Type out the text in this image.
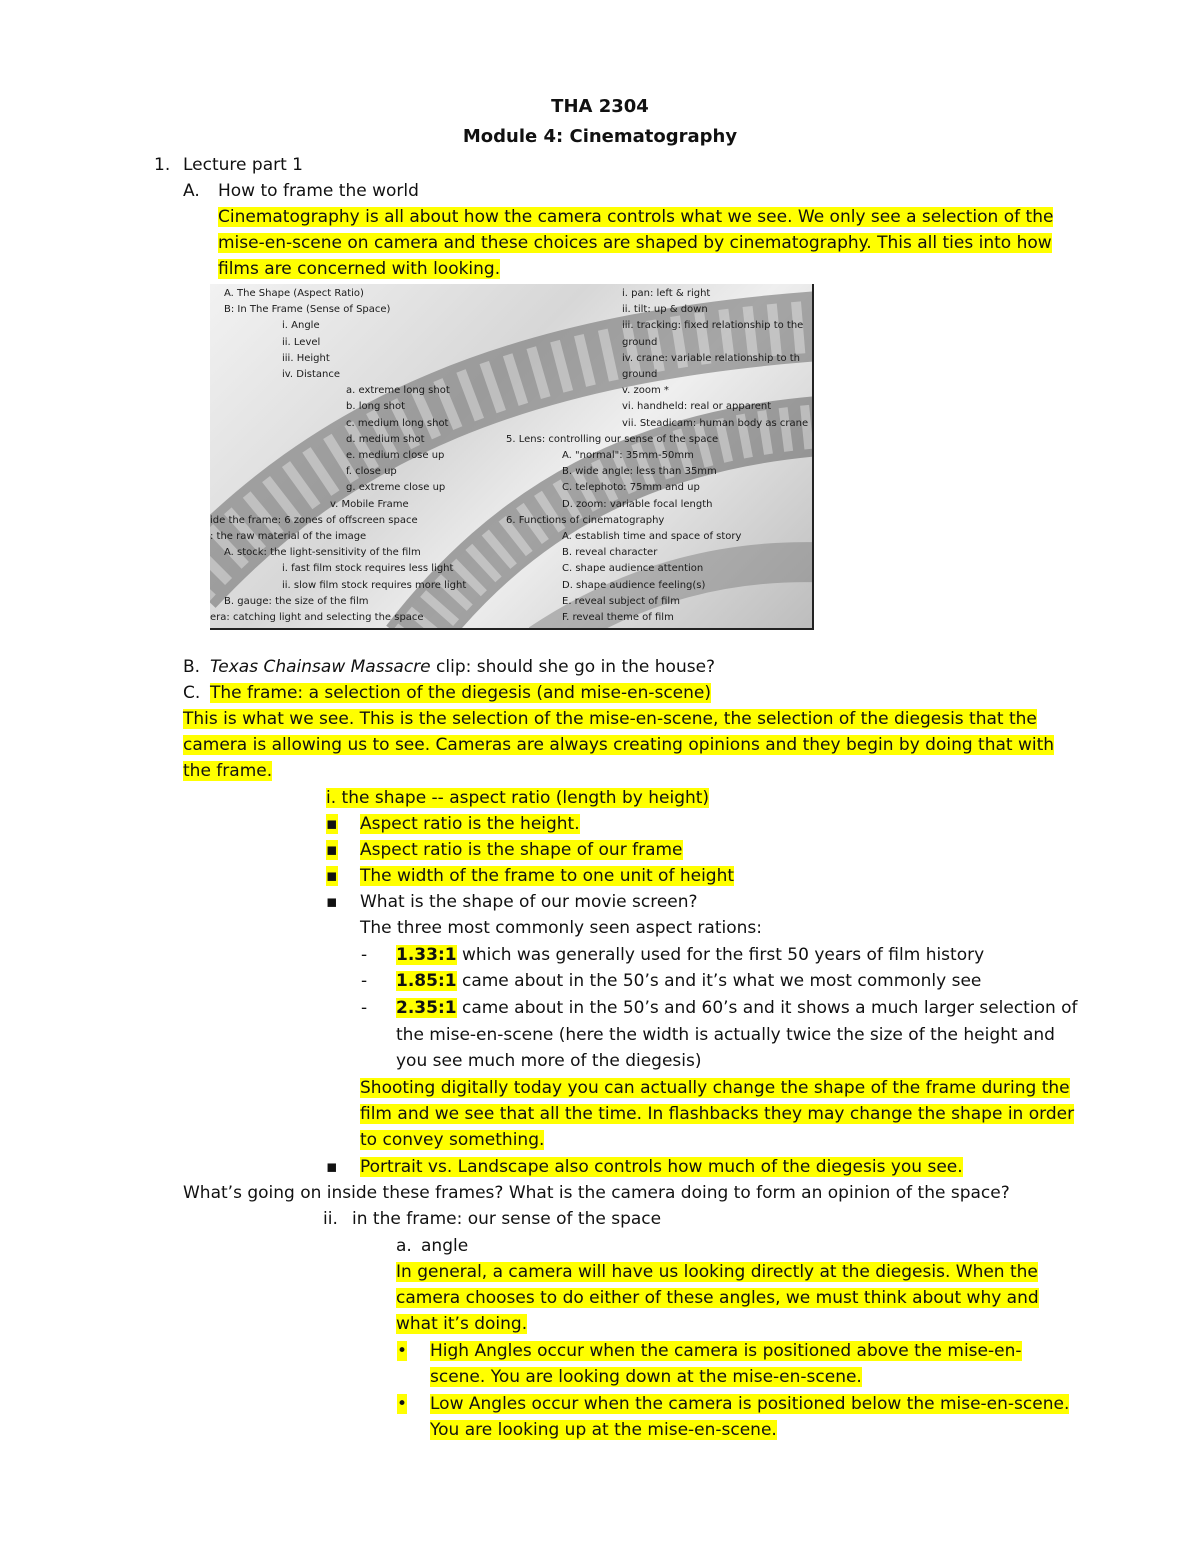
THA 2304
Module 4: Cinematography
1. Lecture part 1
A. How to frame the world
Cinematography is all about how the camera controls what we see. We only see a selection of the
mise-en-scene on camera and these choices are shaped by cinematography. This all ties into how
films are concerned with looking.
A. The Shape (Aspect Ratio)
B: In The Frame (Sense of Space)
i. Angle
ii. Level
iii. Height
iv. Distance
a. extreme long shot
b. long shot
c. medium long shot
d. medium shot
e. medium close up
f. close up
g. extreme close up
v. Mobile Frame
ide the frame: 6 zones of offscreen space
: the raw material of the image
A. stock: the light-sensitivity of the film
i. fast film stock requires less light
ii. slow film stock requires more light
B. gauge: the size of the film
era: catching light and selecting the space
i. pan: left & right
ii. tilt: up & down
iii. tracking: fixed relationship to the
ground
iv. crane: variable relationship to th
ground
v. zoom *
vi. handheld: real or apparent
vii. Steadicam: human body as crane
5. Lens: controlling our sense of the space
A. "normal": 35mm-50mm
B. wide angle: less than 35mm
C. telephoto: 75mm and up
D. zoom: variable focal length
6. Functions of cinematography
A. establish time and space of story
B. reveal character
C. shape audience attention
D. shape audience feeling(s)
E. reveal subject of film
F. reveal theme of film
B. Texas Chainsaw Massacre clip: should she go in the house?
C. The frame: a selection of the diegesis (and mise-en-scene)
This is what we see. This is the selection of the mise-en-scene, the selection of the diegesis that the
camera is allowing us to see. Cameras are always creating opinions and they begin by doing that with
the frame.
i. the shape -- aspect ratio (length by height)
▪ Aspect ratio is the height.
▪ Aspect ratio is the shape of our frame
▪ The width of the frame to one unit of height
▪ What is the shape of our movie screen?
The three most commonly seen aspect rations:
- 1.33:1 which was generally used for the first 50 years of film history
- 1.85:1 came about in the 50’s and it’s what we most commonly see
- 2.35:1 came about in the 50’s and 60’s and it shows a much larger selection of
the mise-en-scene (here the width is actually twice the size of the height and
you see much more of the diegesis)
Shooting digitally today you can actually change the shape of the frame during the
film and we see that all the time. In flashbacks they may change the shape in order
to convey something.
▪ Portrait vs. Landscape also controls how much of the diegesis you see.
What’s going on inside these frames? What is the camera doing to form an opinion of the space?
ii. in the frame: our sense of the space
a. angle
In general, a camera will have us looking directly at the diegesis. When the
camera chooses to do either of these angles, we must think about why and
what it’s doing.
• High Angles occur when the camera is positioned above the mise-en-
scene. You are looking down at the mise-en-scene.
• Low Angles occur when the camera is positioned below the mise-en-scene.
You are looking up at the mise-en-scene.
